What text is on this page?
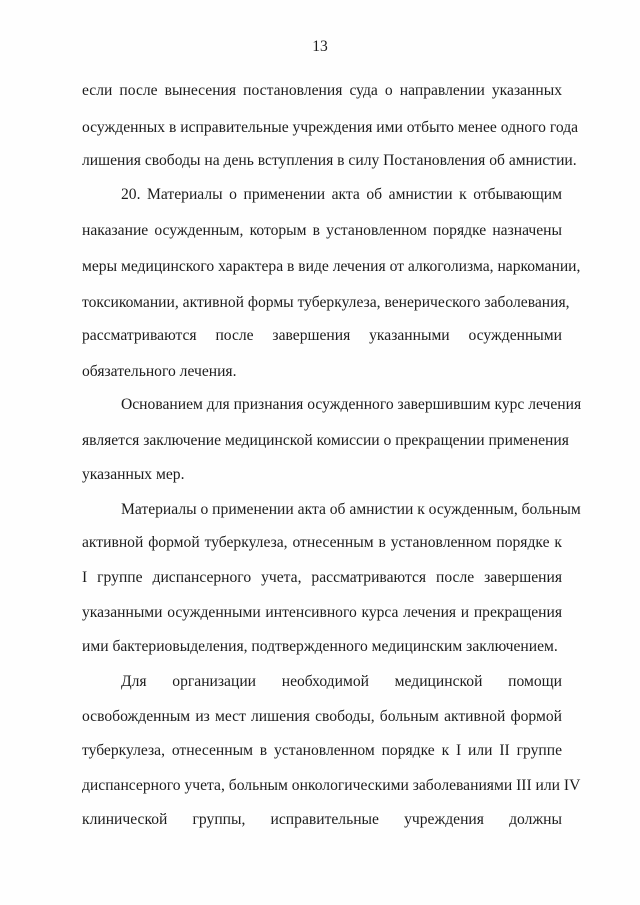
13
если после вынесения постановления суда о направлении указанных
осужденных в исправительные учреждения ими отбыто менее одного года
лишения свободы на день вступления в силу Постановления об амнистии.
20. Материалы о применении акта об амнистии к отбывающим
наказание осужденным, которым в установленном порядке назначены
меры медицинского характера в виде лечения от алкоголизма, наркомании,
токсикомании, активной формы туберкулеза, венерического заболевания,
рассматриваются после завершения указанными осужденными
обязательного лечения.
Основанием для признания осужденного завершившим курс лечения
является заключение медицинской комиссии о прекращении применения
указанных мер.
Материалы о применении акта об амнистии к осужденным, больным
активной формой туберкулеза, отнесенным в установленном порядке к
I группе диспансерного учета, рассматриваются после завершения
указанными осужденными интенсивного курса лечения и прекращения
ими бактериовыделения, подтвержденного медицинским заключением.
Для организации необходимой медицинской помощи
освобожденным из мест лишения свободы, больным активной формой
туберкулеза, отнесенным в установленном порядке к I или II группе
диспансерного учета, больным онкологическими заболеваниями III или IV
клинической группы, исправительные учреждения должны
